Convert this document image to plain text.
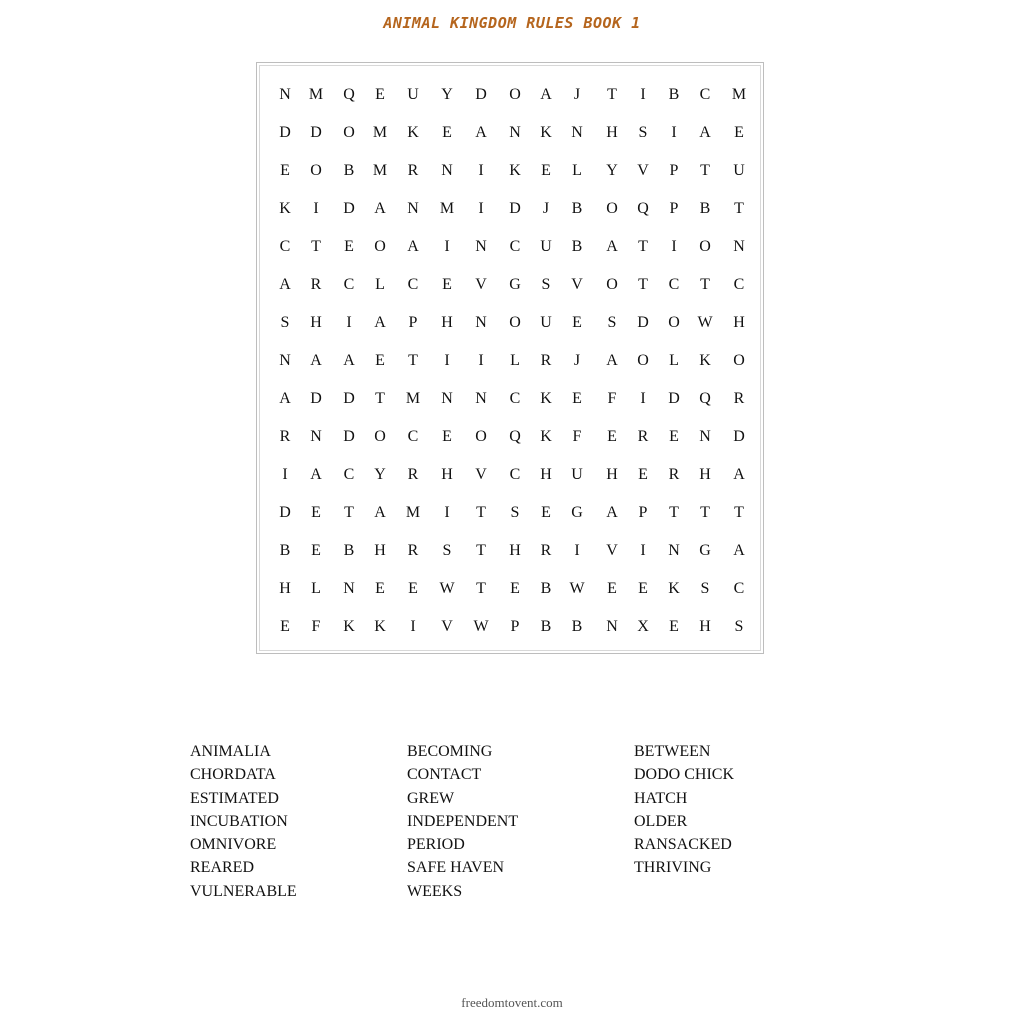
ANIMAL KINGDOM RULES BOOK 1
N	M	Q	E	U	Y	D	O	A	J	T	I	B	C	M
D	D	O	M	K	E	A	N	K	N	H	S	I	A	E
E	O	B	M	R	N	I	K	E	L	Y	V	P	T	U
K	I	D	A	N	M	I	D	J	B	O	Q	P	B	T
C	T	E	O	A	I	N	C	U	B	A	T	I	O	N
A	R	C	L	C	E	V	G	S	V	O	T	C	T	C
S	H	I	A	P	H	N	O	U	E	S	D	O	W	H
N	A	A	E	T	I	I	L	R	J	A	O	L	K	O
A	D	D	T	M	N	N	C	K	E	F	I	D	Q	R
R	N	D	O	C	E	O	Q	K	F	E	R	E	N	D
I	A	C	Y	R	H	V	C	H	U	H	E	R	H	A
D	E	T	A	M	I	T	S	E	G	A	P	T	T	T
B	E	B	H	R	S	T	H	R	I	V	I	N	G	A
H	L	N	E	E	W	T	E	B	W	E	E	K	S	C
E	F	K	K	I	V	W	P	B	B	N	X	E	H	S
ANIMALIA
CHORDATA
ESTIMATED
INCUBATION
OMNIVORE
REARED
VULNERABLE
BECOMING
CONTACT
GREW
INDEPENDENT
PERIOD
SAFE HAVEN
WEEKS
BETWEEN
DODO CHICK
HATCH
OLDER
RANSACKED
THRIVING
freedomtovent.com
